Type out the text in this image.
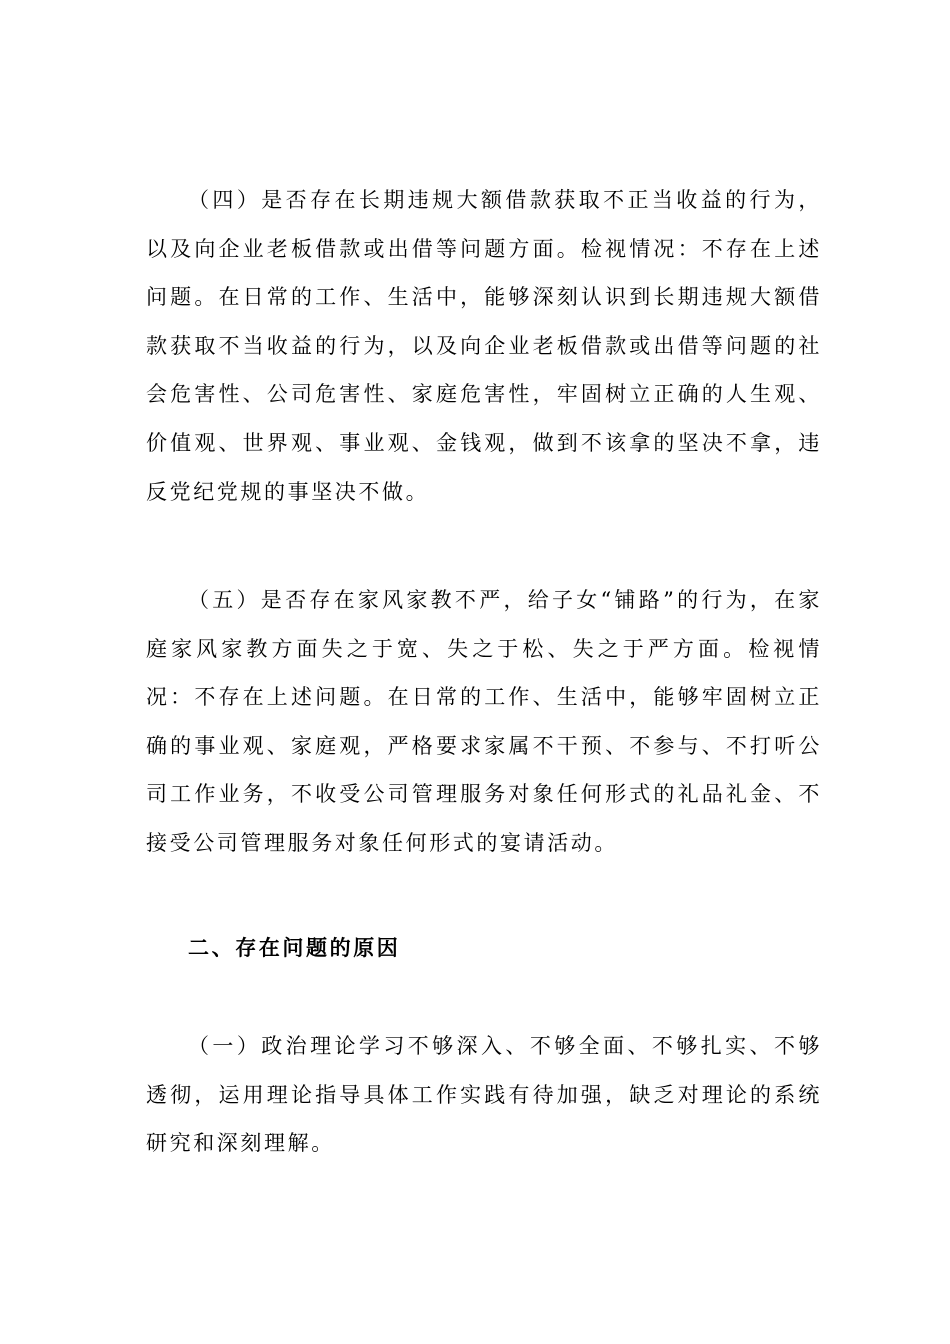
（四）是否存在长期违规大额借款获取不正当收益的行为，以及向企业老板借款或出借等问题方面。检视情况：不存在上述问题。在日常的工作、生活中，能够深刻认识到长期违规大额借款获取不当收益的行为，以及向企业老板借款或出借等问题的社会危害性、公司危害性、家庭危害性，牢固树立正确的人生观、价值观、世界观、事业观、金钱观，做到不该拿的坚决不拿，违反党纪党规的事坚决不做。

（五）是否存在家风家教不严，给子女“铺路”的行为，在家庭家风家教方面失之于宽、失之于松、失之于严方面。检视情况：不存在上述问题。在日常的工作、生活中，能够牢固树立正确的事业观、家庭观，严格要求家属不干预、不参与、不打听公司工作业务，不收受公司管理服务对象任何形式的礼品礼金、不接受公司管理服务对象任何形式的宴请活动。

二、存在问题的原因

（一）政治理论学习不够深入、不够全面、不够扎实、不够透彻，运用理论指导具体工作实践有待加强，缺乏对理论的系统研究和深刻理解。
